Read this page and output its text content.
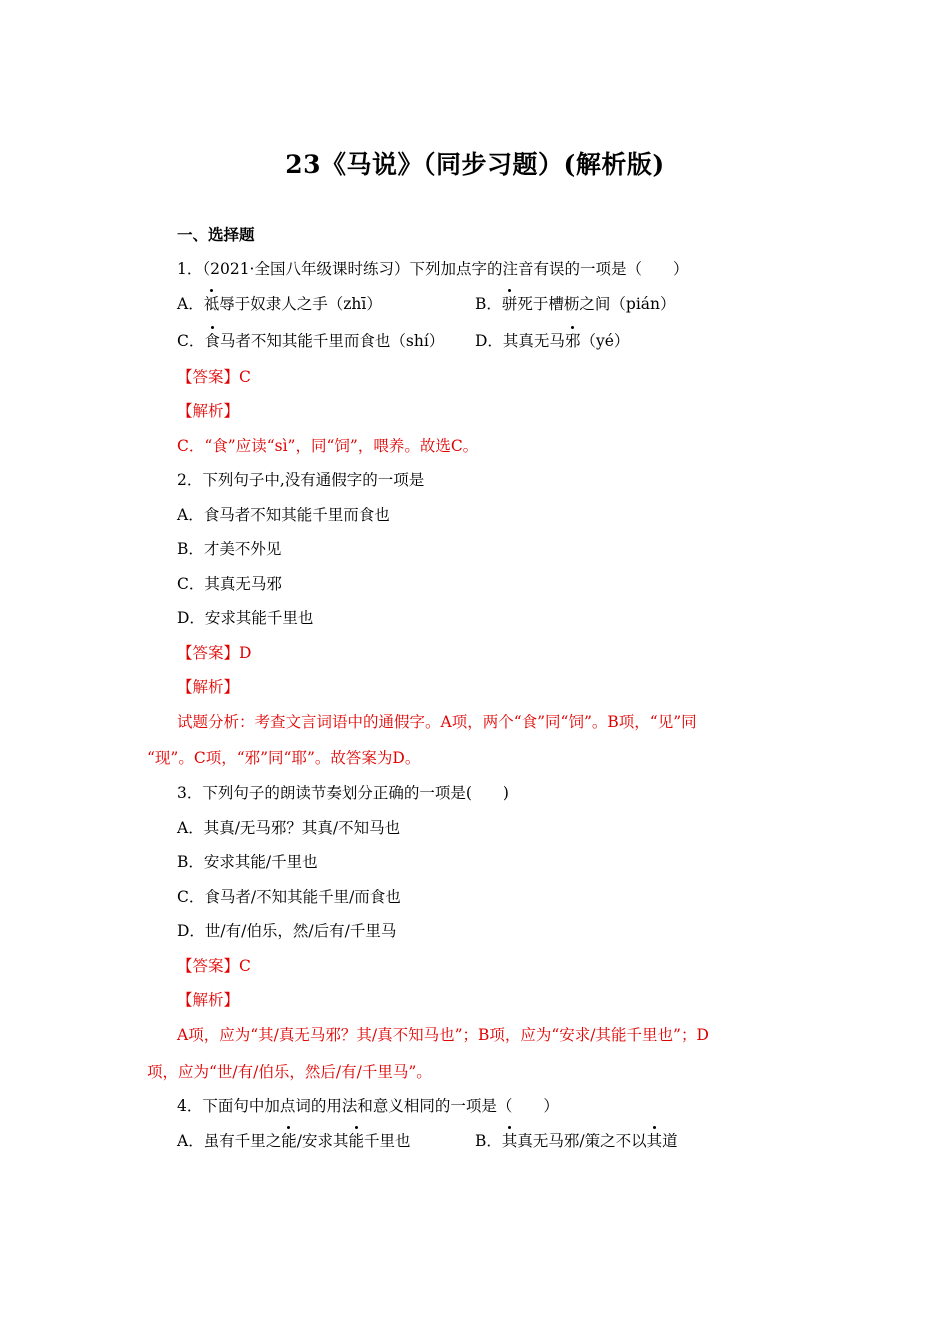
23《马说》（同步习题）(解析版)
一、选择题
1．（2021·全国八年级课时练习）下列加点字的注音有误的一项是（　　）
A．祗辱于奴隶人之手（zhī）	B．骈死于槽枥之间（pián）
C．食马者不知其能千里而食也（shí） D．其真无马邪（yé）
【答案】C
【解析】
C．“食”应读“sì”，同“饲”，喂养。故选C。
2．下列句子中,没有通假字的一项是
A．食马者不知其能千里而食也
B．才美不外见
C．其真无马邪
D．安求其能千里也
【答案】D
【解析】
试题分析：考查文言词语中的通假字。A项，两个“食”同“饲”。B项，“见”同
“现”。C项，“邪”同“耶”。故答案为D。
3．下列句子的朗读节奏划分正确的一项是(　　)
A．其真/无马邪？其真/不知马也
B．安求其能/千里也
C．食马者/不知其能千里/而食也
D．世/有/伯乐，然/后有/千里马
【答案】C
【解析】
A项，应为“其/真无马邪？其/真不知马也”；B项，应为“安求/其能千里也”；D
项，应为“世/有/伯乐，然后/有/千里马”。
4．下面句中加点词的用法和意义相同的一项是（　　）
A．虽有千里之能/安求其能千里也	B．其真无马邪/策之不以其道
